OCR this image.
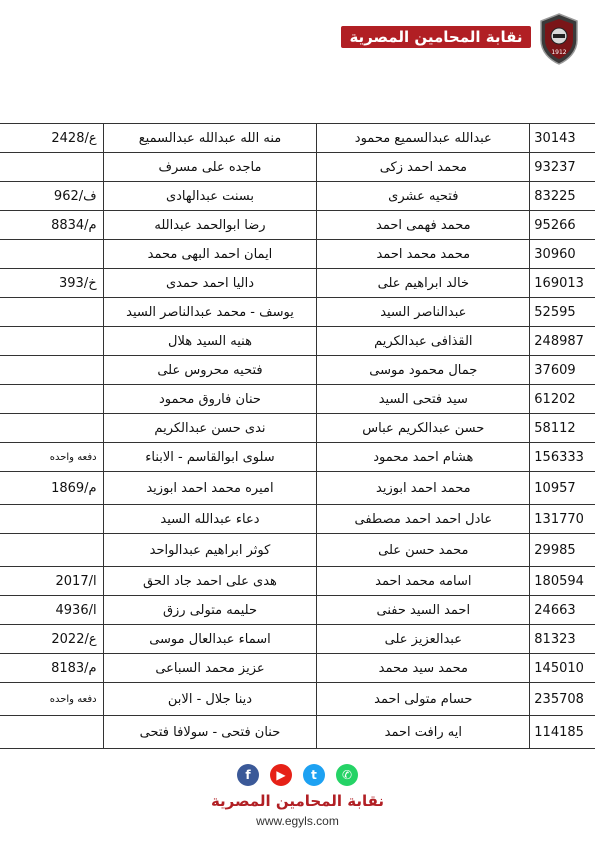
نقابة المحامين المصرية
1912
2428/ع	منه الله عبدالله عبدالسميع	عبدالله عبدالسميع محمود	30143
	ماجده على مسرف	محمد احمد زكى	93237
962/ف	بسنت عبدالهادى	فتحيه عشرى	83225
8834/م	رضا ابوالحمد عبدالله	محمد فهمى احمد	95266
	ايمان احمد البهى محمد	محمد محمد احمد	30960
393/خ	داليا احمد حمدى	خالد ابراهيم على	169013
	يوسف - محمد عبدالناصر السيد	عبدالناصر السيد	52595
	هنيه السيد هلال	القذافى عبدالكريم	248987
	فتحيه محروس على	جمال محمود موسى	37609
	حنان فاروق محمود	سيد فتحى السيد	61202
	ندى حسن عبدالكريم	حسن عبدالكريم عباس	58112
دفعه واحده	سلوى ابوالقاسم - الابناء	هشام احمد محمود	156333
1869/م	اميره محمد احمد ابوزيد	محمد احمد ابوزيد	10957
	دعاء عبدالله السيد	عادل احمد احمد مصطفى	131770
	كوثر ابراهيم عبدالواحد	محمد حسن على	29985
2017/ا	هدى على احمد جاد الحق	اسامه محمد احمد	180594
4936/ا	حليمه متولى رزق	احمد السيد حفنى	24663
2022/ع	اسماء عبدالعال موسى	عبدالعزيز على	81323
8183/م	عزيز محمد السباعى	محمد سيد محمد	145010
دفعه واحده	دينا جلال - الابن	حسام متولى احمد	235708
	حنان فتحى - سولافا فتحى	ايه رافت احمد	114185
f	▶	t	✆
نقابة المحامين المصرية
www.egyls.com
